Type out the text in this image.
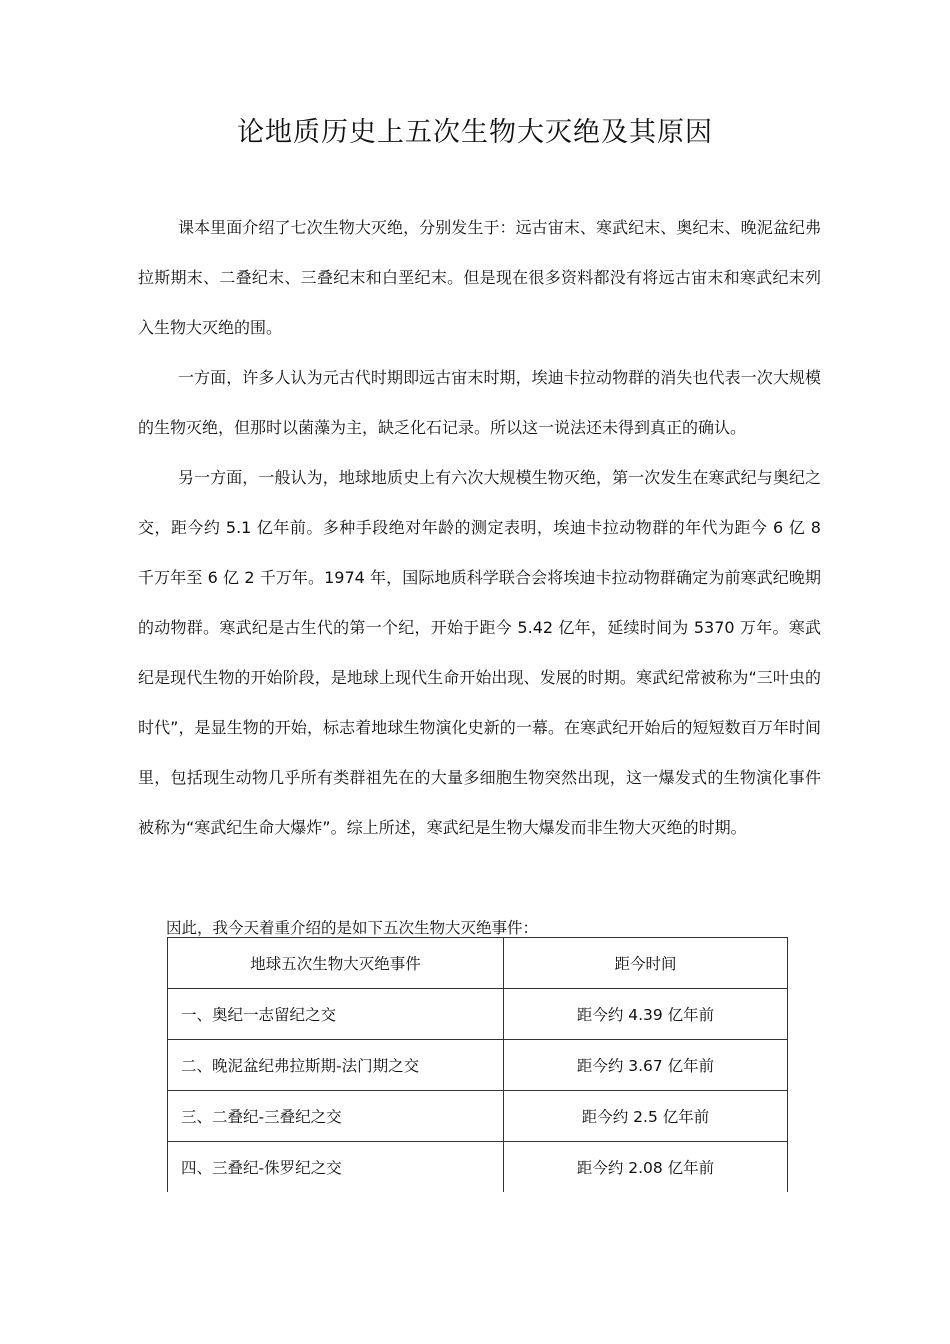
论地质历史上五次生物大灭绝及其原因

课本里面介绍了七次生物大灭绝，分别发生于：远古宙末、寒武纪末、奥纪末、晚泥盆纪弗拉斯期末、二叠纪末、三叠纪末和白垩纪末。但是现在很多资料都没有将远古宙末和寒武纪末列入生物大灭绝的围。

一方面，许多人认为元古代时期即远古宙末时期，埃迪卡拉动物群的消失也代表一次大规模的生物灭绝，但那时以菌藻为主，缺乏化石记录。所以这一说法还未得到真正的确认。

另一方面，一般认为，地球地质史上有六次大规模生物灭绝，第一次发生在寒武纪与奥纪之交，距今约 5.1 亿年前。多种手段绝对年龄的测定表明，埃迪卡拉动物群的年代为距今 6 亿 8 千万年至 6 亿 2 千万年。1974 年，国际地质科学联合会将埃迪卡拉动物群确定为前寒武纪晚期的动物群。寒武纪是古生代的第一个纪，开始于距今 5.42 亿年，延续时间为 5370 万年。寒武纪是现代生物的开始阶段，是地球上现代生命开始出现、发展的时期。寒武纪常被称为“三叶虫的时代”，是显生物的开始，标志着地球生物演化史新的一幕。在寒武纪开始后的短短数百万年时间里，包括现生动物几乎所有类群祖先在的大量多细胞生物突然出现，这一爆发式的生物演化事件被称为“寒武纪生命大爆炸”。综上所述，寒武纪是生物大爆发而非生物大灭绝的时期。

因此，我今天着重介绍的是如下五次生物大灭绝事件：

地球五次生物大灭绝事件	距今时间
一、奥纪一志留纪之交	距今约 4.39 亿年前
二、晚泥盆纪弗拉斯期-法门期之交	距今约 3.67 亿年前
三、二叠纪-三叠纪之交	距今约 2.5 亿年前
四、三叠纪-侏罗纪之交	距今约 2.08 亿年前
